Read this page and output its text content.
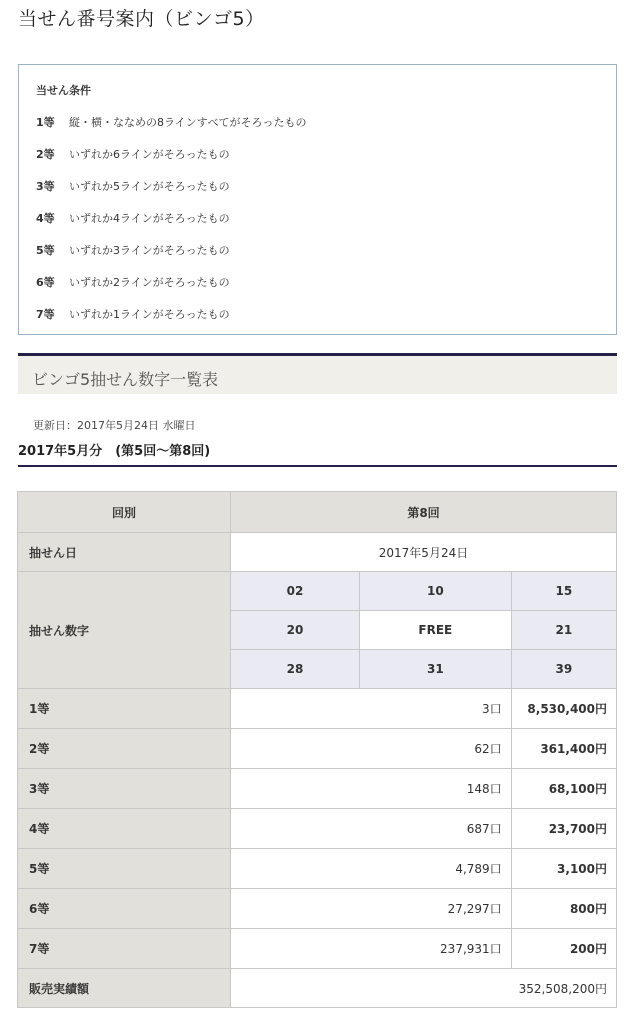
当せん番号案内（ビンゴ5）
当せん条件
1等 縦・横・ななめの8ラインすべてがそろったもの
2等 いずれか6ラインがそろったもの
3等 いずれか5ラインがそろったもの
4等 いずれか4ラインがそろったもの
5等 いずれか3ラインがそろったもの
6等 いずれか2ラインがそろったもの
7等 いずれか1ラインがそろったもの
ビンゴ5抽せん数字一覧表
更新日：2017年5月24日 水曜日
2017年5月分　(第5回〜第8回)
回別	第8回		
抽せん日	2017年5月24日		
抽せん数字	02	10	15
	20	FREE	21
	28	31	39
1等	3口		8,530,400円
2等	62口		361,400円
3等	148口		68,100円
4等	687口		23,700円
5等	4,789口		3,100円
6等	27,297口		800円
7等	237,931口		200円
販売実績額	352,508,200円		
